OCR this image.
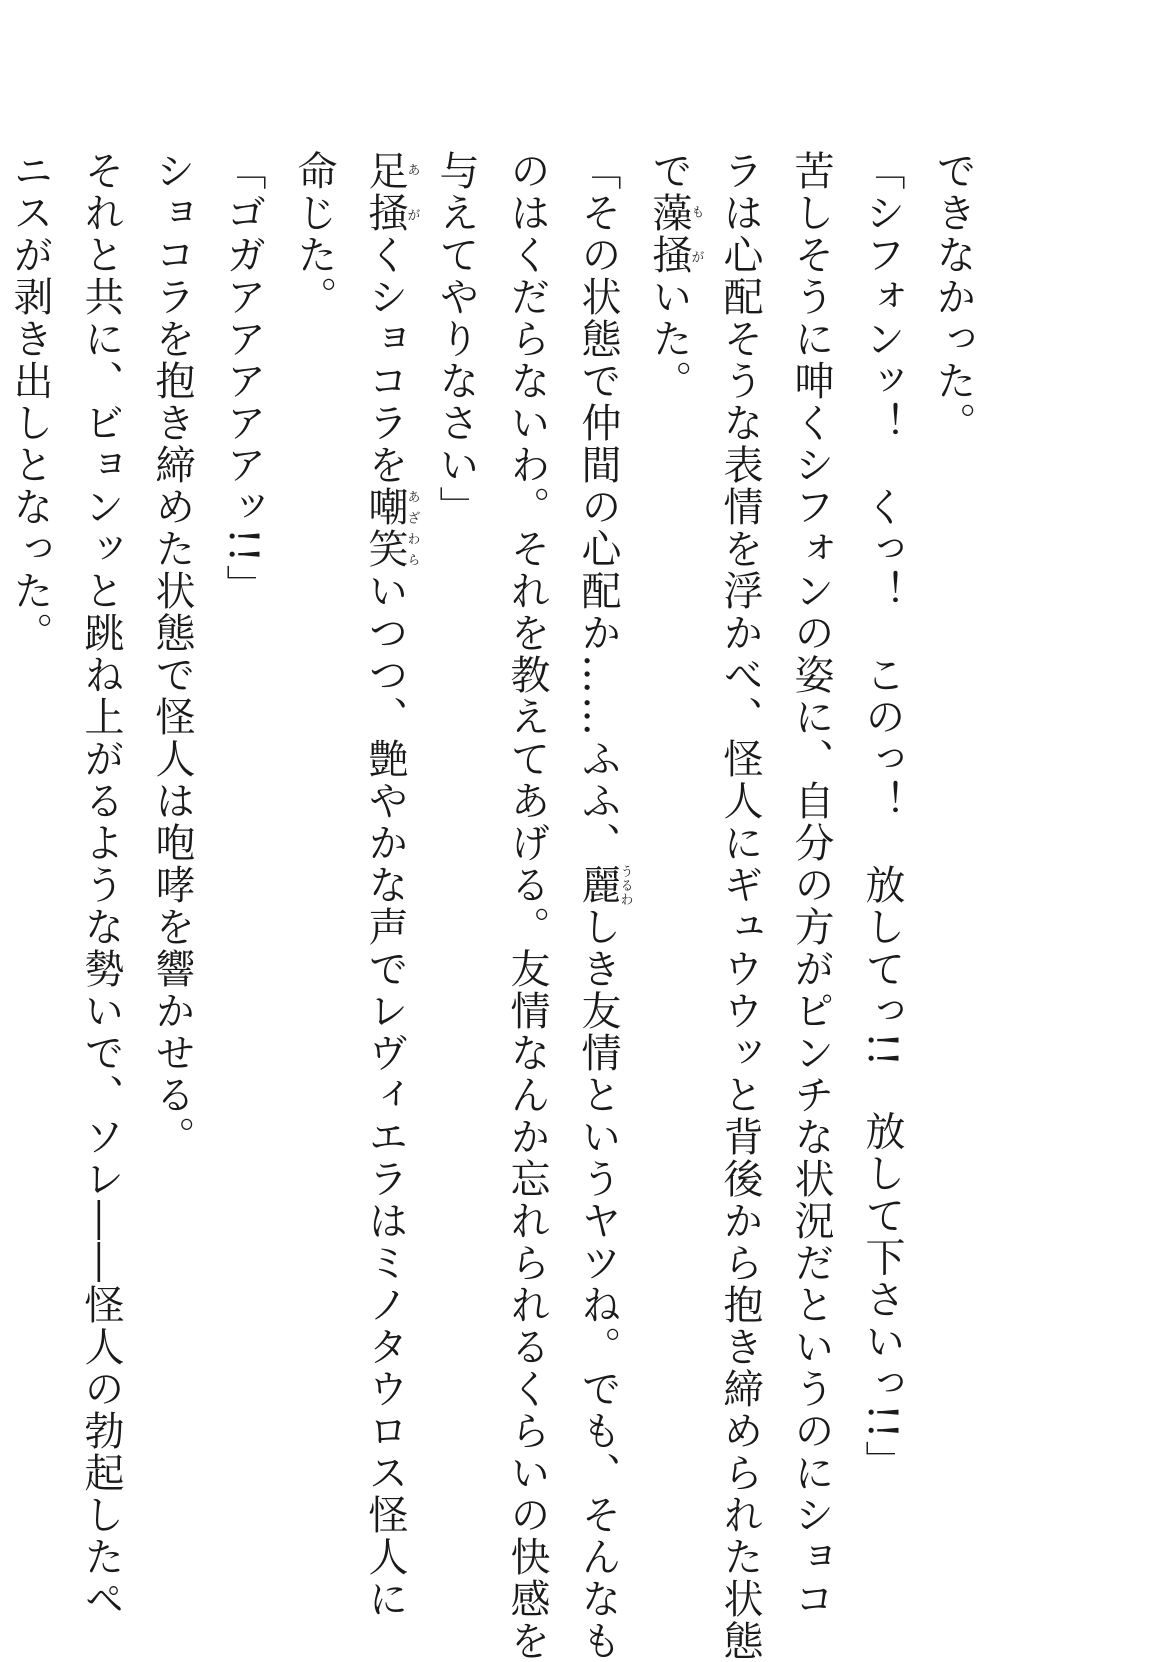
できなかった。

「シフォンッ！　くっ！　このっ！　放してっ!!　放して下さいっ!!」

苦しそうに呻くシフォンの姿に、自分の方がピンチな状況だというのにショコ

ラは心配そうな表情を浮かべ、怪人にギュウウッと背後から抱き締められた状態

で藻掻もがいた。

「その状態で仲間の心配か……ふふ、麗うるわしき友情というヤツね。でも、そんなも

のはくだらないわ。それを教えてあげる。友情なんか忘れられるくらいの快感を

与えてやりなさい」

足掻あがくショコラを嘲笑あざわらいつつ、艶やかな声でレヴィエラはミノタウロス怪人に

命じた。

「ゴガアアアアアッ!!」

ショコラを抱き締めた状態で怪人は咆哮を響かせる。

それと共に、ビョンッと跳ね上がるような勢いで、ソレ――怪人の勃起したペ

ニスが剥き出しとなった。
